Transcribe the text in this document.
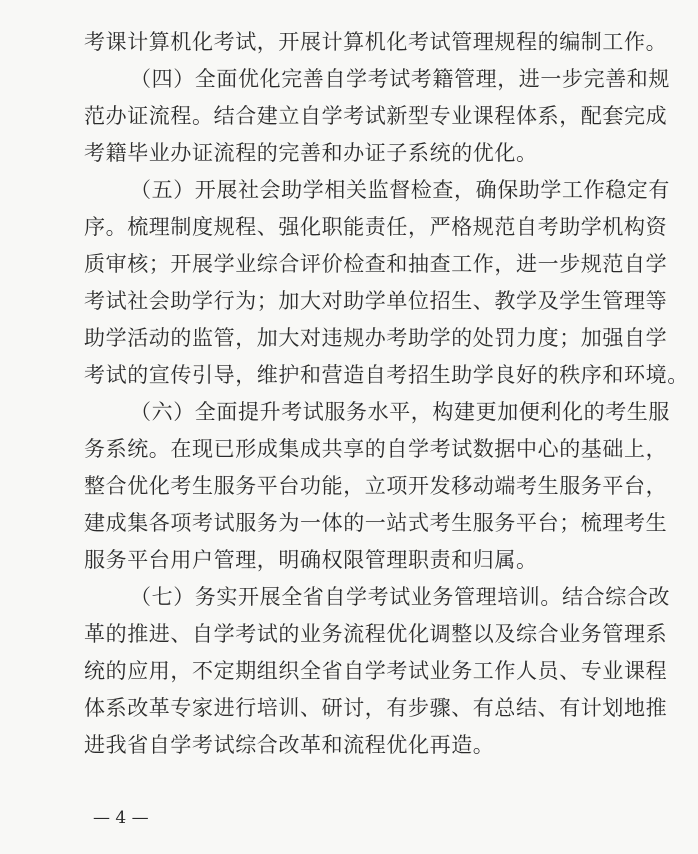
考课计算机化考试，开展计算机化考试管理规程的编制工作。
（四）全面优化完善自学考试考籍管理，进一步完善和规
范办证流程。结合建立自学考试新型专业课程体系，配套完成
考籍毕业办证流程的完善和办证子系统的优化。
（五）开展社会助学相关监督检查，确保助学工作稳定有
序。梳理制度规程、强化职能责任，严格规范自考助学机构资
质审核；开展学业综合评价检查和抽查工作，进一步规范自学
考试社会助学行为；加大对助学单位招生、教学及学生管理等
助学活动的监管，加大对违规办考助学的处罚力度；加强自学
考试的宣传引导，维护和营造自考招生助学良好的秩序和环境。
（六）全面提升考试服务水平，构建更加便利化的考生服
务系统。在现已形成集成共享的自学考试数据中心的基础上，
整合优化考生服务平台功能，立项开发移动端考生服务平台，
建成集各项考试服务为一体的一站式考生服务平台；梳理考生
服务平台用户管理，明确权限管理职责和归属。
（七）务实开展全省自学考试业务管理培训。结合综合改
革的推进、自学考试的业务流程优化调整以及综合业务管理系
统的应用，不定期组织全省自学考试业务工作人员、专业课程
体系改革专家进行培训、研讨，有步骤、有总结、有计划地推
进我省自学考试综合改革和流程优化再造。
— 4 —
